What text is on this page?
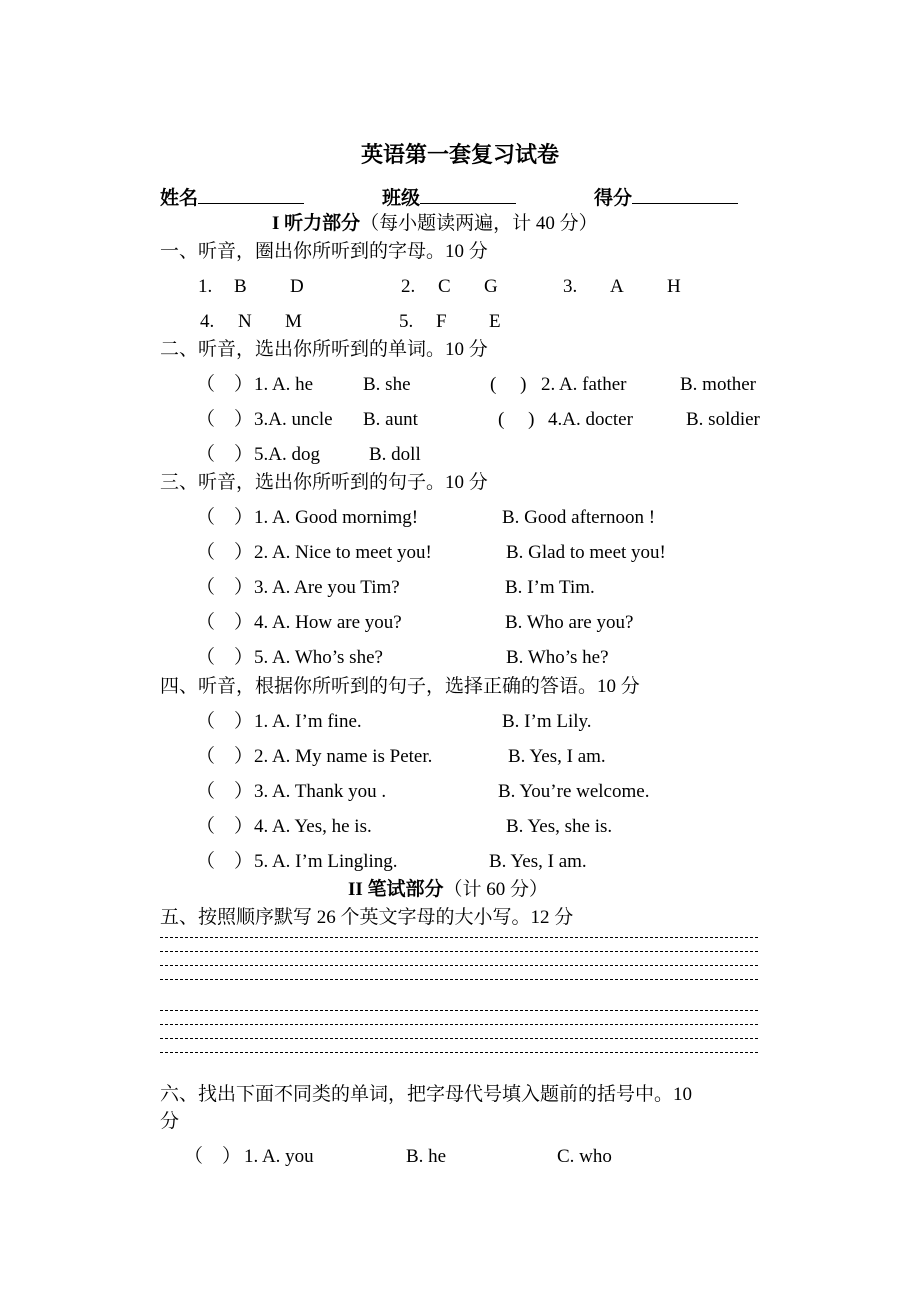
英语第一套复习试卷
姓名	班级	得分
I 听力部分（每小题读两遍，计 40 分）
一、听音，圈出你所听到的字母。10 分
1. B D	2. C G	3. A H
4. N M	5. F E
二、听音，选出你所听到的单词。10 分
（　） 1. A. he	B. she	(　 ) 2. A. father	B. mother
（　） 3.A. uncle B. aunt	(　 ) 4.A. docter	B. soldier
（　） 5.A. dog	B. doll
三、听音，选出你所听到的句子。10 分
（　） 1. A. Good mornimg!	B. Good afternoon !
（　） 2. A. Nice to meet you!	B. Glad to meet you!
（　） 3. A. Are you Tim?	B. I’m Tim.
（　） 4. A. How are you?	B. Who are you?
（　） 5. A. Who’s she?	B. Who’s he?
四、听音，根据你所听到的句子，选择正确的答语。10 分
（　） 1. A. I’m fine.	B. I’m Lily.
（　） 2. A. My name is Peter.	B. Yes, I am.
（　） 3. A. Thank you .	B. You’re welcome.
（　） 4. A. Yes, he is.	B. Yes, she is.
（　） 5. A. I’m Lingling.	B. Yes, I am.
II 笔试部分（计 60 分）
五、按照顺序默写 26 个英文字母的大小写。12 分
六、找出下面不同类的单词，把字母代号填入题前的括号中。10
分
（　） 1. A. you	B. he	C. who
